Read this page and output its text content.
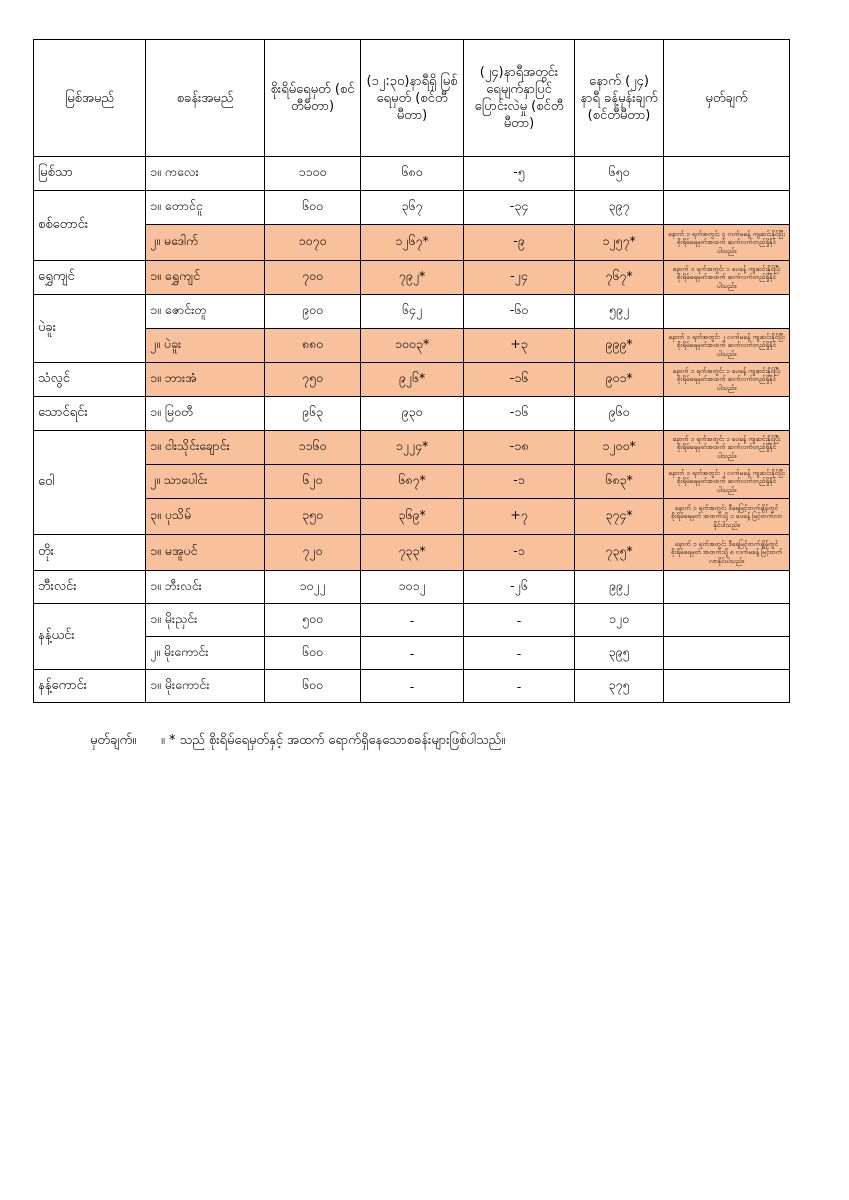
မြစ်အမည်	စခန်းအမည်	စိုးရိမ်ရေမှတ် (စင်တီမီတာ)	(၁၂:၃၀)နာရီရှိ မြစ်ရေမှတ် (စင်တီမီတာ)	(၂၄)နာရီအတွင်း ရေမျက်နှာပြင် ပြောင်းလဲမှု (စင်တီမီတာ)	နောက် (၂၄) နာရီ ခန့်မှန်းချက် (စင်တီမီတာ)	မှတ်ချက်
မြစ်သာ	၁။ ကလေး	၁၁၀၀	၆၈၀	-၅	၆၅၀	
စစ်တောင်း	၁။ တောင်ငူ	၆၀၀	၃၆၇	-၃၄	၃၉၇	
	၂။ မဒေါက်	၁၀၇၀	၁၂၆၇*	-၉	၁၂၅၇*	နောက် ၁ ရက်အတွင်း ၄ လက်မခန့် ကျဆင်းနိုင်ပြီး စိုးရိမ်ရေမှတ်အထက် ဆက်လက်တည်ရှိနိုင်ပါသည်။
ရွှေကျင်	၁။ ရွှေကျင်	၇၀၀	၇၉၂*	-၂၄	၇၆၇*	နောက် ၁ ရက်အတွင်း ၁ ပေခန့် ကျဆင်းနိုင်ပြီး စိုးရိမ်ရေမှတ်အထက် ဆက်လက်တည်ရှိနိုင်ပါသည်။
ပဲခူး	၁။ ဇောင်းတူ	၉၀၀	၆၄၂	-၆၀	၅၉၂	
	၂။ ပဲခူး	၈၈၀	၁၀၀၃*	+၃	၉၉၉*	နောက် ၁ ရက်အတွင်း ၂ လက်မခန့် ကျဆင်းနိုင်ပြီး စိုးရိမ်ရေမှတ်အထက် ဆက်လက်တည်ရှိနိုင်ပါသည်။
သံလွင်	၁။ ဘားအံ	၇၅၀	၉၂၆*	-၁၆	၉၀၁*	နောက် ၁ ရက်အတွင်း ၁ ပေခန့် ကျဆင်းနိုင်ပြီး စိုးရိမ်ရေမှတ်အထက် ဆက်လက်တည်ရှိနိုင်ပါသည်။
သောင်ရင်း	၁။ မြဝတီ	၉၆၃	၉၃၀	-၁၆	၉၆၀	
ဝေါ	၁။ ငါးသိုင်းချောင်း	၁၁၆၀	၁၂၂၄*	-၁၈	၁၂၀၀*	နောက် ၁ ရက်အတွင်း ၁ ပေခန့် ကျဆင်းနိုင်ပြီး စိုးရိမ်ရေမှတ်အထက် ဆက်လက်တည်ရှိနိုင်ပါသည်။
	၂။ သာပေါင်း	၆၂၀	၆၈၇*	-၁	၆၈၃*	နောက် ၁ ရက်အတွင်း ၂ လက်မခန့် ကျဆင်းနိုင်ပြီး စိုးရိမ်ရေမှတ်အထက် ဆက်လက်တည်ရှိနိုင်ပါသည်။
	၃။ ပုသိမ်	၃၅၀	၃၆၉*	+၇	၃၇၄*	နောက် ၁ ရက်အတွင်း ဒီရေမြင့်တက်ချိန်တွင် စိုးရိမ်ရေမှတ် အထက်သို့ ၁ ပေခန့် မြင့်တက်လာနိုင်ပါသည်။
တိုး	၁။ မအူပင်	၇၂၀	၇၃၃*	-၁	၇၃၅*	နောက် ၁ ရက်အတွင်း ဒီရေမြင့်တက်ချိန်တွင် စိုးရိမ်ရေမှတ် အထက်သို့ ၈ လက်မခန့် မြင့်တက်လာနိုင်ပါသည်။
ဘီးလင်း	၁။ ဘီးလင်း	၁၀၂၂	၁၀၁၂	-၂၆	၉၉၂	
နန့်ယင်း	၁။ မိုးညှင်း	၅၀၀	-	-	၁၂၀	
	၂။ မိုးကောင်း	၆၀၀	-	-	၃၉၅	
နန့်ကောင်း	၁။ မိုးကောင်း	၆၀၀	-	-	၃၇၅	
မှတ်ချက်။ ။ * သည် စိုးရိမ်ရေမှတ်နှင့် အထက် ရောက်ရှိနေသောစခန်းများဖြစ်ပါသည်။
